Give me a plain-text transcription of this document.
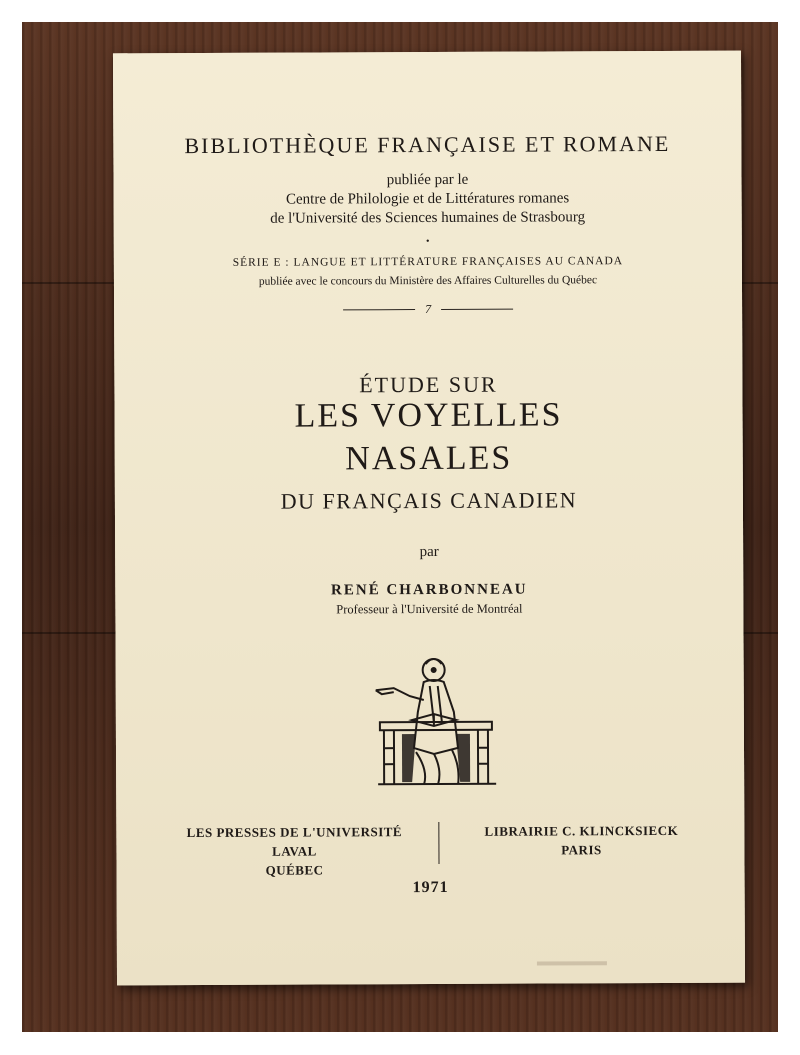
BIBLIOTHÈQUE FRANÇAISE ET ROMANE
publiée par le
Centre de Philologie et de Littératures romanes
de l'Université des Sciences humaines de Strasbourg
•
SÉRIE E : LANGUE ET LITTÉRATURE FRANÇAISES AU CANADA
publiée avec le concours du Ministère des Affaires Culturelles du Québec
7
ÉTUDE SUR
LES VOYELLES
NASALES
DU FRANÇAIS CANADIEN
par
RENÉ CHARBONNEAU
Professeur à l'Université de Montréal
LES PRESSES DE L'UNIVERSITÉ LAVAL
QUÉBEC
LIBRAIRIE C. KLINCKSIECK
PARIS
1971
